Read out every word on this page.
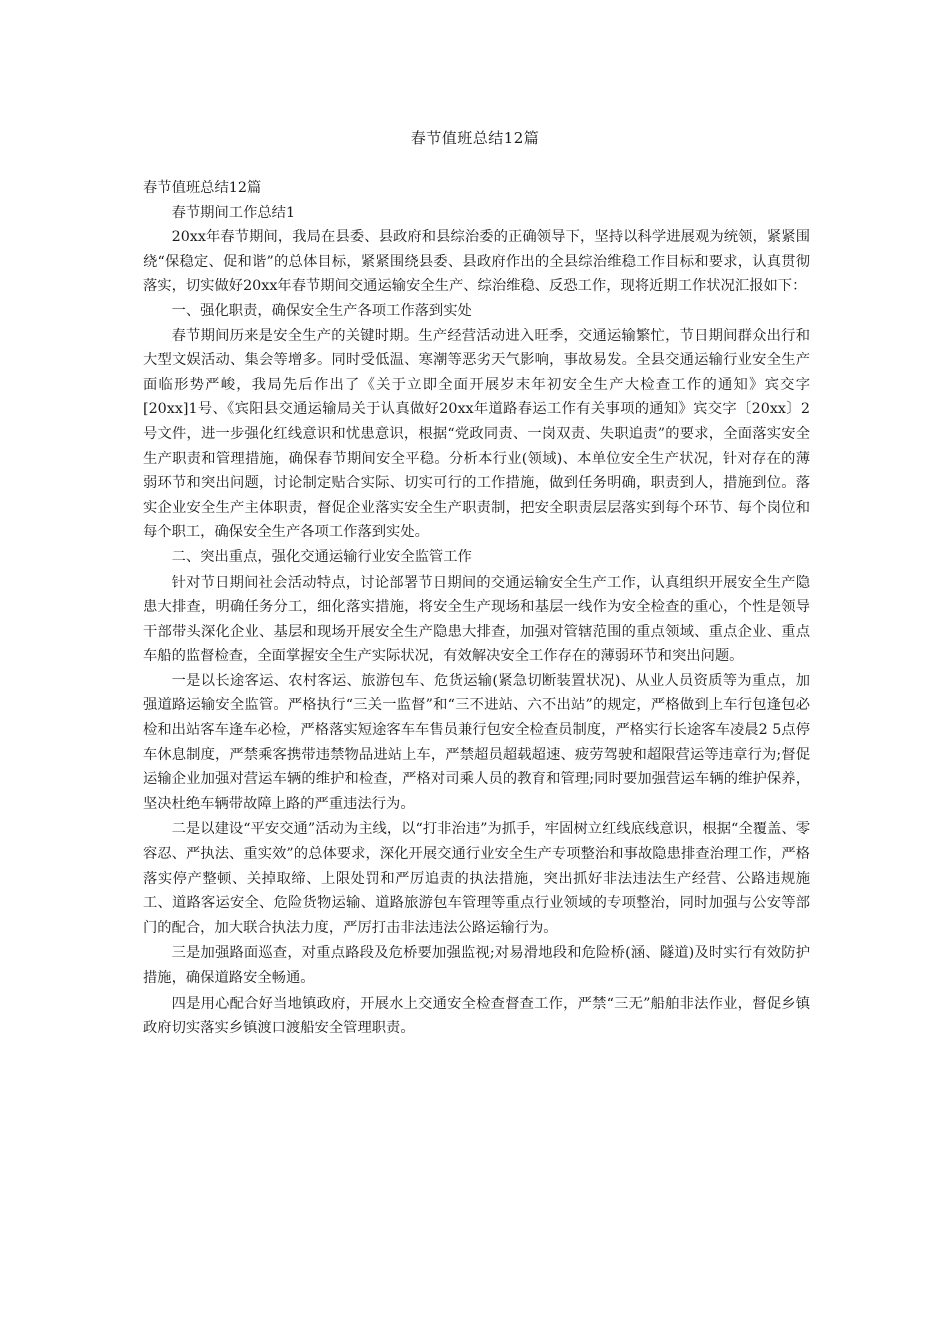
春节值班总结12篇

春节值班总结12篇

春节期间工作总结1

20xx年春节期间，我局在县委、县政府和县综治委的正确领导下，坚持以科学进展观为统领，紧紧围绕“保稳定、促和谐”的总体目标，紧紧围绕县委、县政府作出的全县综治维稳工作目标和要求，认真贯彻落实，切实做好20xx年春节期间交通运输安全生产、综治维稳、反恐工作，现将近期工作状况汇报如下：

一、强化职责，确保安全生产各项工作落到实处

春节期间历来是安全生产的关键时期。生产经营活动进入旺季，交通运输繁忙，节日期间群众出行和大型文娱活动、集会等增多。同时受低温、寒潮等恶劣天气影响，事故易发。全县交通运输行业安全生产面临形势严峻，我局先后作出了《关于立即全面开展岁末年初安全生产大检查工作的通知》宾交字[20xx]1号、《宾阳县交通运输局关于认真做好20xx年道路春运工作有关事项的通知》宾交字〔20xx〕2号文件，进一步强化红线意识和忧患意识，根据“党政同责、一岗双责、失职追责”的要求，全面落实安全生产职责和管理措施，确保春节期间安全平稳。分析本行业(领域)、本单位安全生产状况，针对存在的薄弱环节和突出问题，讨论制定贴合实际、切实可行的工作措施，做到任务明确，职责到人，措施到位。落实企业安全生产主体职责，督促企业落实安全生产职责制，把安全职责层层落实到每个环节、每个岗位和每个职工，确保安全生产各项工作落到实处。

二、突出重点，强化交通运输行业安全监管工作

针对节日期间社会活动特点，讨论部署节日期间的交通运输安全生产工作，认真组织开展安全生产隐患大排查，明确任务分工，细化落实措施，将安全生产现场和基层一线作为安全检查的重心，个性是领导干部带头深化企业、基层和现场开展安全生产隐患大排查，加强对管辖范围的重点领域、重点企业、重点车船的监督检查，全面掌握安全生产实际状况，有效解决安全工作存在的薄弱环节和突出问题。

一是以长途客运、农村客运、旅游包车、危货运输(紧急切断装置状况)、从业人员资质等为重点，加强道路运输安全监管。严格执行“三关一监督”和“三不进站、六不出站”的规定，严格做到上车行包逢包必检和出站客车逢车必检，严格落实短途客车车售员兼行包安全检查员制度，严格实行长途客车凌晨2 5点停车休息制度，严禁乘客携带违禁物品进站上车，严禁超员超载超速、疲劳驾驶和超限营运等违章行为;督促运输企业加强对营运车辆的维护和检查，严格对司乘人员的教育和管理;同时要加强营运车辆的维护保养，坚决杜绝车辆带故障上路的严重违法行为。

二是以建设“平安交通”活动为主线，以“打非治违”为抓手，牢固树立红线底线意识，根据“全覆盖、零容忍、严执法、重实效”的总体要求，深化开展交通行业安全生产专项整治和事故隐患排查治理工作，严格落实停产整顿、关掉取缔、上限处罚和严厉追责的执法措施，突出抓好非法违法生产经营、公路违规施工、道路客运安全、危险货物运输、道路旅游包车管理等重点行业领域的专项整治，同时加强与公安等部门的配合，加大联合执法力度，严厉打击非法违法公路运输行为。

三是加强路面巡查，对重点路段及危桥要加强监视;对易滑地段和危险桥(涵、隧道)及时实行有效防护措施，确保道路安全畅通。

四是用心配合好当地镇政府，开展水上交通安全检查督查工作，严禁“三无”船舶非法作业，督促乡镇政府切实落实乡镇渡口渡船安全管理职责。
